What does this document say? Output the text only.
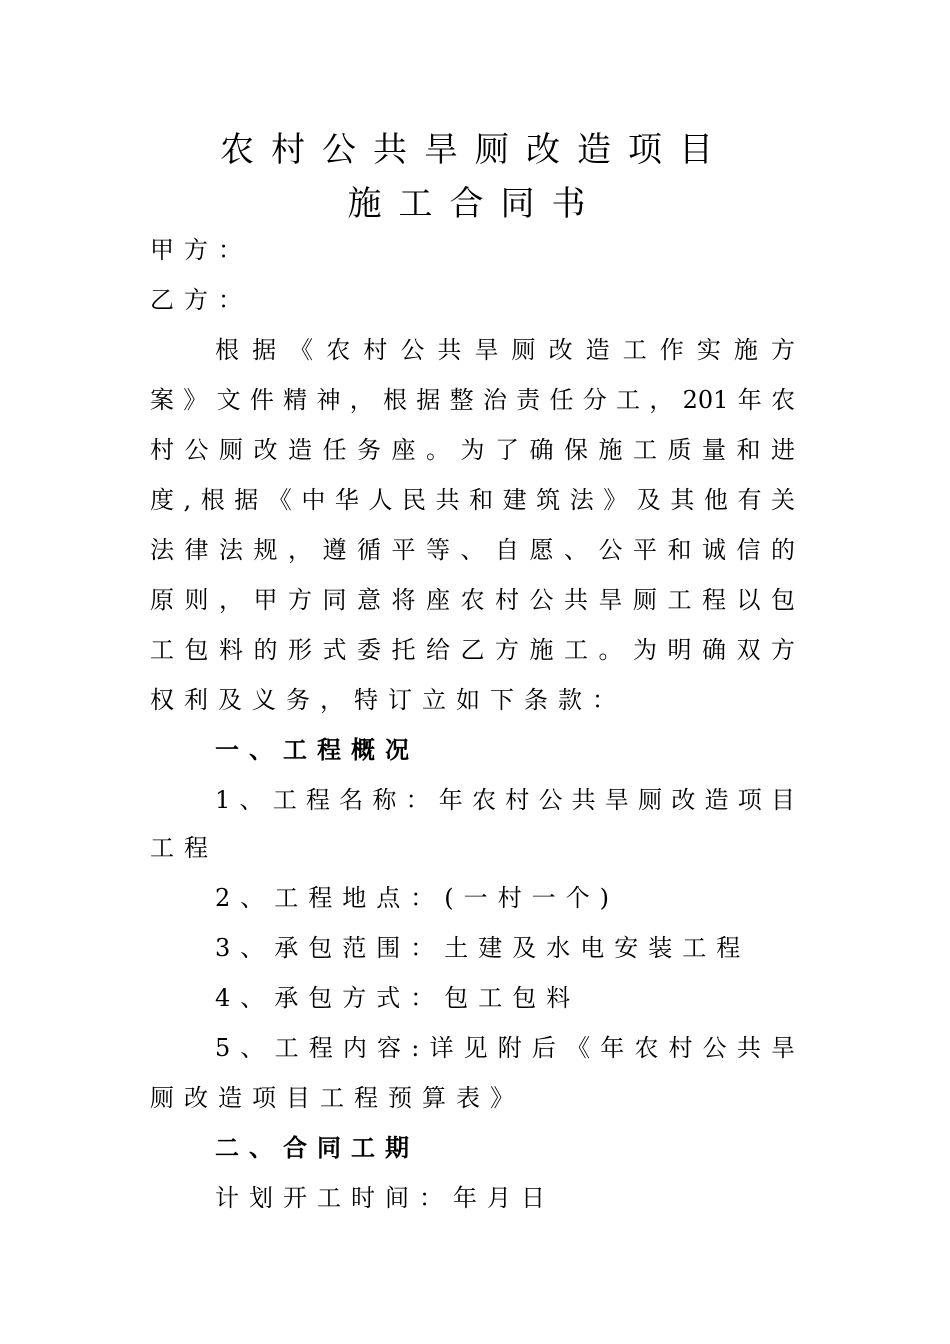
农村公共旱厕改造项目
施工合同书
甲方：
乙方：
根据《农村公共旱厕改造工作实施方
案》文件精神，根据整治责任分工，201年农
村公厕改造任务座。为了确保施工质量和进
度,根据《中华人民共和建筑法》及其他有关
法律法规，遵循平等、自愿、公平和诚信的
原则，甲方同意将座农村公共旱厕工程以包
工包料的形式委托给乙方施工。为明确双方
权利及义务，特订立如下条款：
一、工程概况
1、工程名称：年农村公共旱厕改造项目
工程
2、工程地点：(一村一个)
3、承包范围：土建及水电安装工程
4、承包方式：包工包料
5、工程内容:详见附后《年农村公共旱
厕改造项目工程预算表》
二、合同工期
计划开工时间：年月日
